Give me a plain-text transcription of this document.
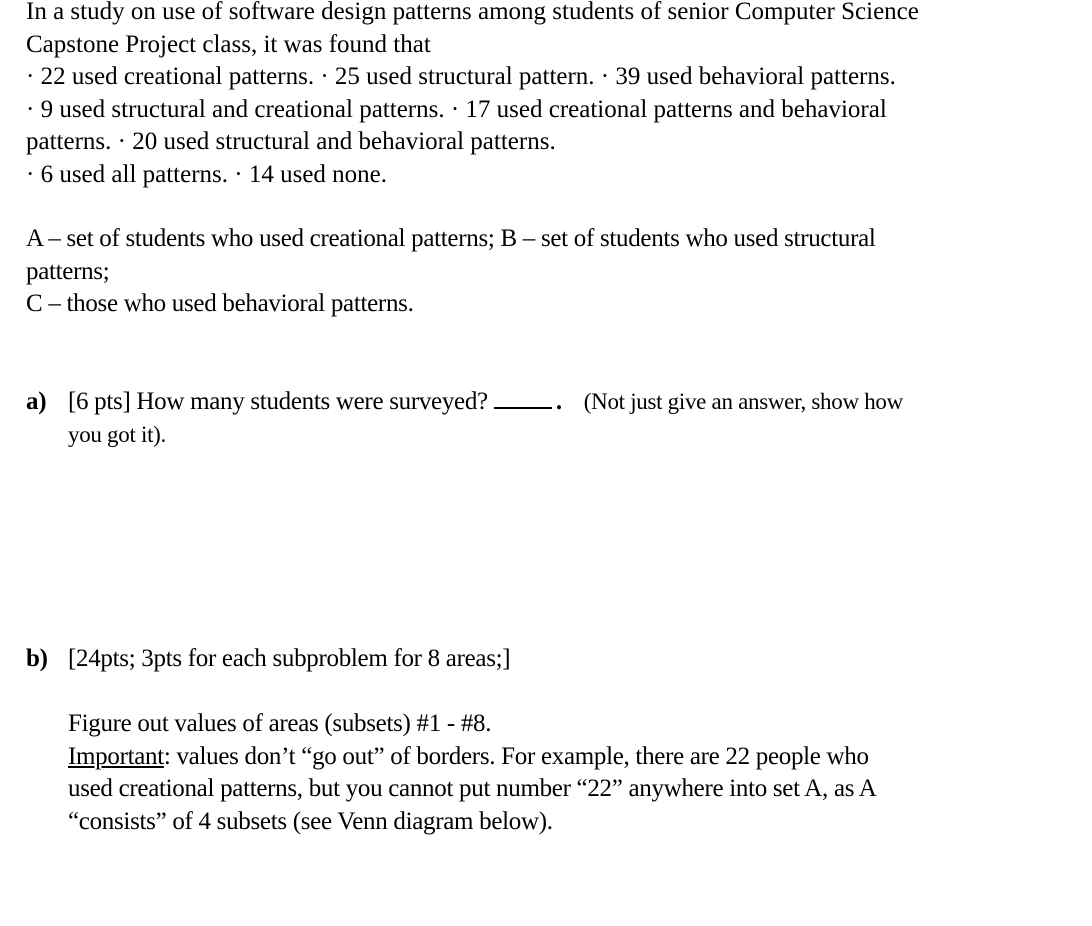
In a study on use of software design patterns among students of senior Computer Science
Capstone Project class, it was found that
· 22 used creational patterns. · 25 used structural pattern. · 39 used behavioral patterns.
· 9 used structural and creational patterns. · 17 used creational patterns and behavioral
patterns. · 20 used structural and behavioral patterns.
· 6 used all patterns. · 14 used none.
A – set of students who used creational patterns; B – set of students who used structural
patterns;
C – those who used behavioral patterns.
a) [6 pts] How many students were surveyed?	. (Not just give an answer, show how
you got it).
b) [24pts; 3pts for each subproblem for 8 areas;]
Figure out values of areas (subsets) #1 - #8.
Important: values don’t “go out” of borders. For example, there are 22 people who
used creational patterns, but you cannot put number “22” anywhere into set A, as A
“consists” of 4 subsets (see Venn diagram below).
